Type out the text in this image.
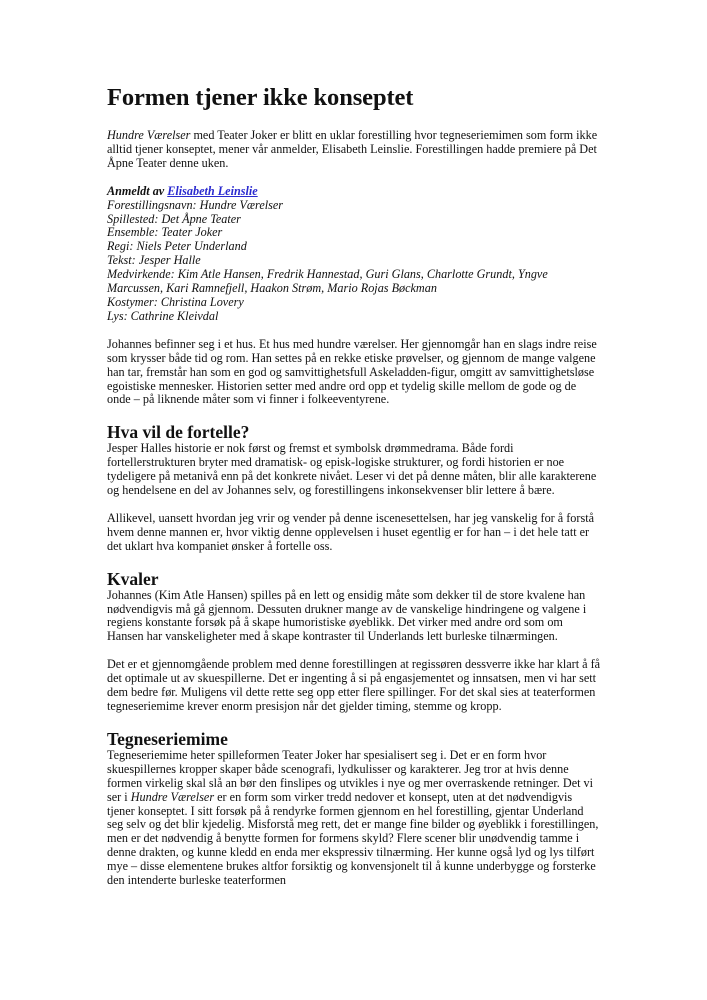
Formen tjener ikke konseptet

Hundre Værelser med Teater Joker er blitt en uklar forestilling hvor tegneseriemimen som form ikke alltid tjener konseptet, mener vår anmelder, Elisabeth Leinslie. Forestillingen hadde premiere på Det Åpne Teater denne uken.

Anmeldt av Elisabeth Leinslie
Forestillingsnavn: Hundre Værelser
Spillested: Det Åpne Teater
Ensemble: Teater Joker
Regi: Niels Peter Underland
Tekst: Jesper Halle
Medvirkende: Kim Atle Hansen, Fredrik Hannestad, Guri Glans, Charlotte Grundt, Yngve Marcussen, Kari Ramnefjell, Haakon Strøm, Mario Rojas Bøckman
Kostymer: Christina Lovery
Lys: Cathrine Kleivdal

Johannes befinner seg i et hus. Et hus med hundre værelser. Her gjennomgår han en slags indre reise som krysser både tid og rom. Han settes på en rekke etiske prøvelser, og gjennom de mange valgene han tar, fremstår han som en god og samvittighetsfull Askeladden-figur, omgitt av samvittighetsløse egoistiske mennesker. Historien setter med andre ord opp et tydelig skille mellom de gode og de onde – på liknende måter som vi finner i folkeeventyrene.

Hva vil de fortelle?

Jesper Halles historie er nok først og fremst et symbolsk drømmedrama. Både fordi fortellerstrukturen bryter med dramatisk- og episk-logiske strukturer, og fordi historien er noe tydeligere på metanivå enn på det konkrete nivået. Leser vi det på denne måten, blir alle karakterene og hendelsene en del av Johannes selv, og forestillingens inkonsekvenser blir lettere å bære.

Allikevel, uansett hvordan jeg vrir og vender på denne iscenesettelsen, har jeg vanskelig for å forstå hvem denne mannen er, hvor viktig denne opplevelsen i huset egentlig er for han – i det hele tatt er det uklart hva kompaniet ønsker å fortelle oss.

Kvaler

Johannes (Kim Atle Hansen) spilles på en lett og ensidig måte som dekker til de store kvalene han nødvendigvis må gå gjennom. Dessuten drukner mange av de vanskelige hindringene og valgene i regiens konstante forsøk på å skape humoristiske øyeblikk. Det virker med andre ord som om Hansen har vanskeligheter med å skape kontraster til Underlands lett burleske tilnærmingen.

Det er et gjennomgående problem med denne forestillingen at regissøren dessverre ikke har klart å få det optimale ut av skuespillerne. Det er ingenting å si på engasjementet og innsatsen, men vi har sett dem bedre før. Muligens vil dette rette seg opp etter flere spillinger. For det skal sies at teaterformen tegneseriemime krever enorm presisjon når det gjelder timing, stemme og kropp.

Tegneseriemime

Tegneseriemime heter spilleformen Teater Joker har spesialisert seg i. Det er en form hvor skuespillernes kropper skaper både scenografi, lydkulisser og karakterer. Jeg tror at hvis denne formen virkelig skal slå an bør den finslipes og utvikles i nye og mer overraskende retninger. Det vi ser i Hundre Værelser er en form som virker tredd nedover et konsept, uten at det nødvendigvis tjener konseptet. I sitt forsøk på å rendyrke formen gjennom en hel forestilling, gjentar Underland seg selv og det blir kjedelig. Misforstå meg rett, det er mange fine bilder og øyeblikk i forestillingen, men er det nødvendig å benytte formen for formens skyld? Flere scener blir unødvendig tamme i denne drakten, og kunne kledd en enda mer ekspressiv tilnærming. Her kunne også lyd og lys tilført mye – disse elementene brukes altfor forsiktig og konvensjonelt til å kunne underbygge og forsterke den intenderte burleske teaterformen
